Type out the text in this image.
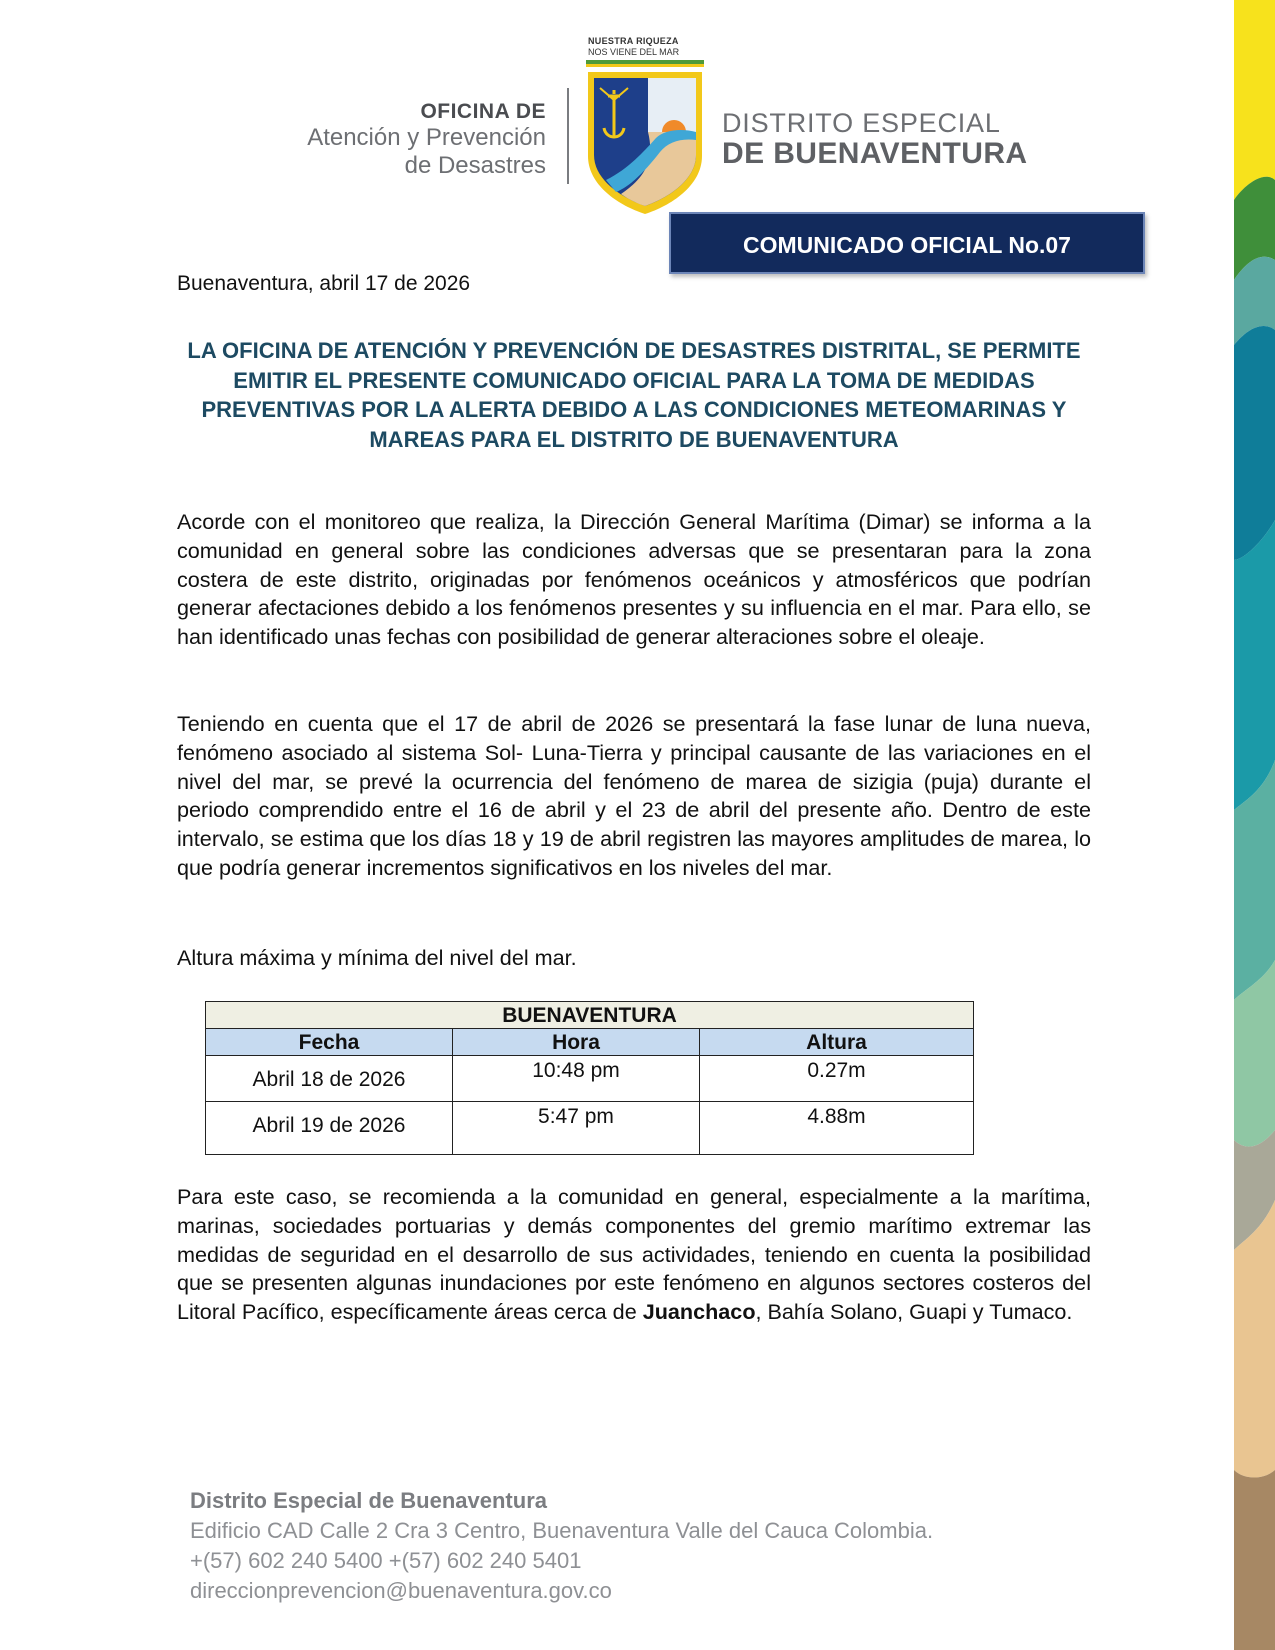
OFICINA DE
Atención y Prevención
de Desastres
NUESTRA RIQUEZA
NOS VIENE DEL MAR
DISTRITO ESPECIAL
DE BUENAVENTURA
COMUNICADO OFICIAL No.07
Buenaventura, abril 17 de 2026
LA OFICINA DE ATENCIÓN Y PREVENCIÓN DE DESASTRES DISTRITAL, SE PERMITE EMITIR EL PRESENTE COMUNICADO OFICIAL PARA LA TOMA DE MEDIDAS PREVENTIVAS POR LA ALERTA DEBIDO A LAS CONDICIONES METEOMARINAS Y MAREAS PARA EL DISTRITO DE BUENAVENTURA
Acorde con el monitoreo que realiza, la Dirección General Marítima (Dimar) se informa a la comunidad en general sobre las condiciones adversas que se presentaran para la zona costera de este distrito, originadas por fenómenos oceánicos y atmosféricos que podrían generar afectaciones debido a los fenómenos presentes y su influencia en el mar. Para ello, se han identificado unas fechas con posibilidad de generar alteraciones sobre el oleaje.
Teniendo en cuenta que el 17 de abril de 2026 se presentará la fase lunar de luna nueva, fenómeno asociado al sistema Sol- Luna-Tierra y principal causante de las variaciones en el nivel del mar, se prevé la ocurrencia del fenómeno de marea de sizigia (puja) durante el periodo comprendido entre el 16 de abril y el 23 de abril del presente año. Dentro de este intervalo, se estima que los días 18 y 19 de abril registren las mayores amplitudes de marea, lo que podría generar incrementos significativos en los niveles del mar.
Altura máxima y mínima del nivel del mar.
BUENAVENTURA
Fecha	Hora	Altura
Abril 18 de 2026	10:48 pm	0.27m
Abril 19 de 2026	5:47 pm	4.88m
Para este caso, se recomienda a la comunidad en general, especialmente a la marítima, marinas, sociedades portuarias y demás componentes del gremio marítimo extremar las medidas de seguridad en el desarrollo de sus actividades, teniendo en cuenta la posibilidad que se presenten algunas inundaciones por este fenómeno en algunos sectores costeros del Litoral Pacífico, específicamente áreas cerca de Juanchaco, Bahía Solano, Guapi y Tumaco.
Distrito Especial de Buenaventura
Edificio CAD Calle 2 Cra 3 Centro, Buenaventura Valle del Cauca Colombia.
+(57) 602 240 5400 +(57) 602 240 5401
direccionprevencion@buenaventura.gov.co
